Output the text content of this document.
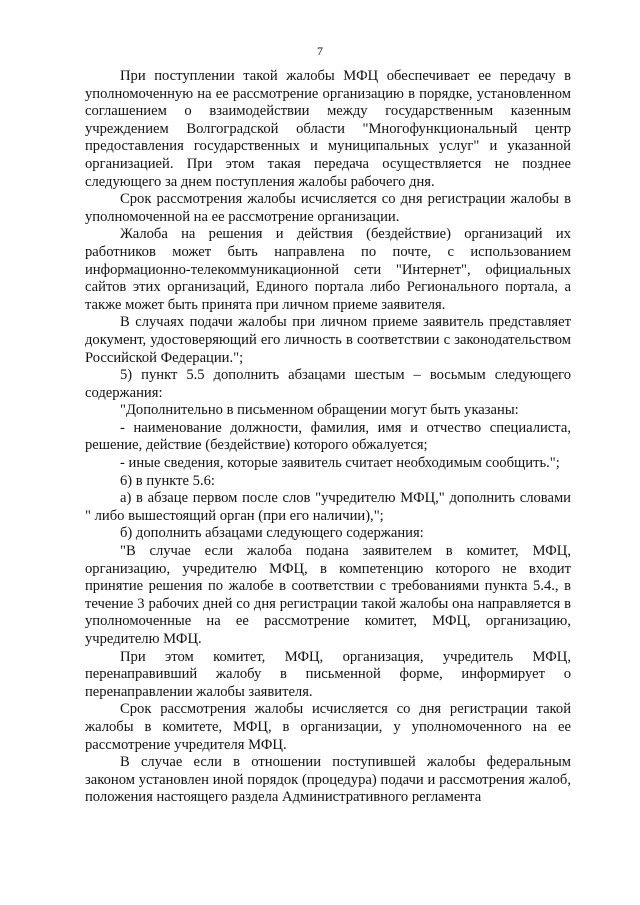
7

При поступлении такой жалобы МФЦ обеспечивает ее передачу в уполномоченную на ее рассмотрение организацию в порядке, установленном соглашением о взаимодействии между государственным казенным учреждением Волгоградской области "Многофункциональный центр предоставления государственных и муниципальных услуг" и указанной организацией. При этом такая передача осуществляется не позднее следующего за днем поступления жалобы рабочего дня.

Срок рассмотрения жалобы исчисляется со дня регистрации жалобы в уполномоченной на ее рассмотрение организации.

Жалоба на решения и действия (бездействие) организаций их работников может быть направлена по почте, с использованием информационно-телекоммуникационной сети "Интернет", официальных сайтов этих организаций, Единого портала либо Регионального портала, а также может быть принята при личном приеме заявителя.

В случаях подачи жалобы при личном приеме заявитель представляет документ, удостоверяющий его личность в соответствии с законодательством Российской Федерации.";

5) пункт 5.5 дополнить абзацами шестым – восьмым следующего содержания:

"Дополнительно в письменном обращении могут быть указаны:

- наименование должности, фамилия, имя и отчество специалиста, решение, действие (бездействие) которого обжалуется;

- иные сведения, которые заявитель считает необходимым сообщить.";

6) в пункте 5.6:

а) в абзаце первом после слов "учредителю МФЦ," дополнить словами " либо вышестоящий орган (при его наличии),";

б) дополнить абзацами следующего содержания:

"В случае если жалоба подана заявителем в комитет, МФЦ, организацию, учредителю МФЦ, в компетенцию которого не входит принятие решения по жалобе в соответствии с требованиями пункта 5.4., в течение 3 рабочих дней со дня регистрации такой жалобы она направляется в уполномоченные на ее рассмотрение комитет, МФЦ, организацию, учредителю МФЦ.

При этом комитет, МФЦ, организация, учредитель МФЦ, перенаправивший жалобу в письменной форме, информирует о перенаправлении жалобы заявителя.

Срок рассмотрения жалобы исчисляется со дня регистрации такой жалобы в комитете, МФЦ, в организации, у уполномоченного на ее рассмотрение учредителя МФЦ.

В случае если в отношении поступившей жалобы федеральным законом установлен иной порядок (процедура) подачи и рассмотрения жалоб, положения настоящего раздела Административного регламента
